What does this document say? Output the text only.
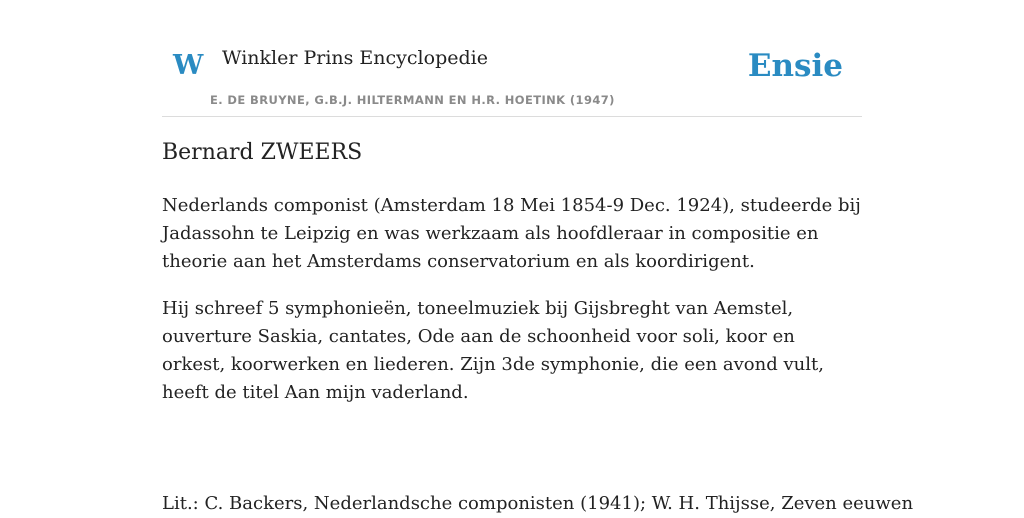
W Winkler Prins Encyclopedie
E. DE BRUYNE, G.B.J. HILTERMANN EN H.R. HOETINK (1947)
Ensie
Bernard ZWEERS

Nederlands componist (Amsterdam 18 Mei 1854-9 Dec. 1924), studeerde bij Jadassohn te Leipzig en was werkzaam als hoofdleraar in compositie en theorie aan het Amsterdams conservatorium en als koordirigent.

Hij schreef 5 symphonieën, toneelmuziek bij Gijsbreght van Aemstel, ouverture Saskia, cantates, Ode aan de schoonheid voor soli, koor en orkest, koorwerken en liederen. Zijn 3de symphonie, die een avond vult, heeft de titel Aan mijn vaderland.

Lit.: C. Backers, Nederlandsche componisten (1941); W. H. Thijsse, Zeven eeuwen
